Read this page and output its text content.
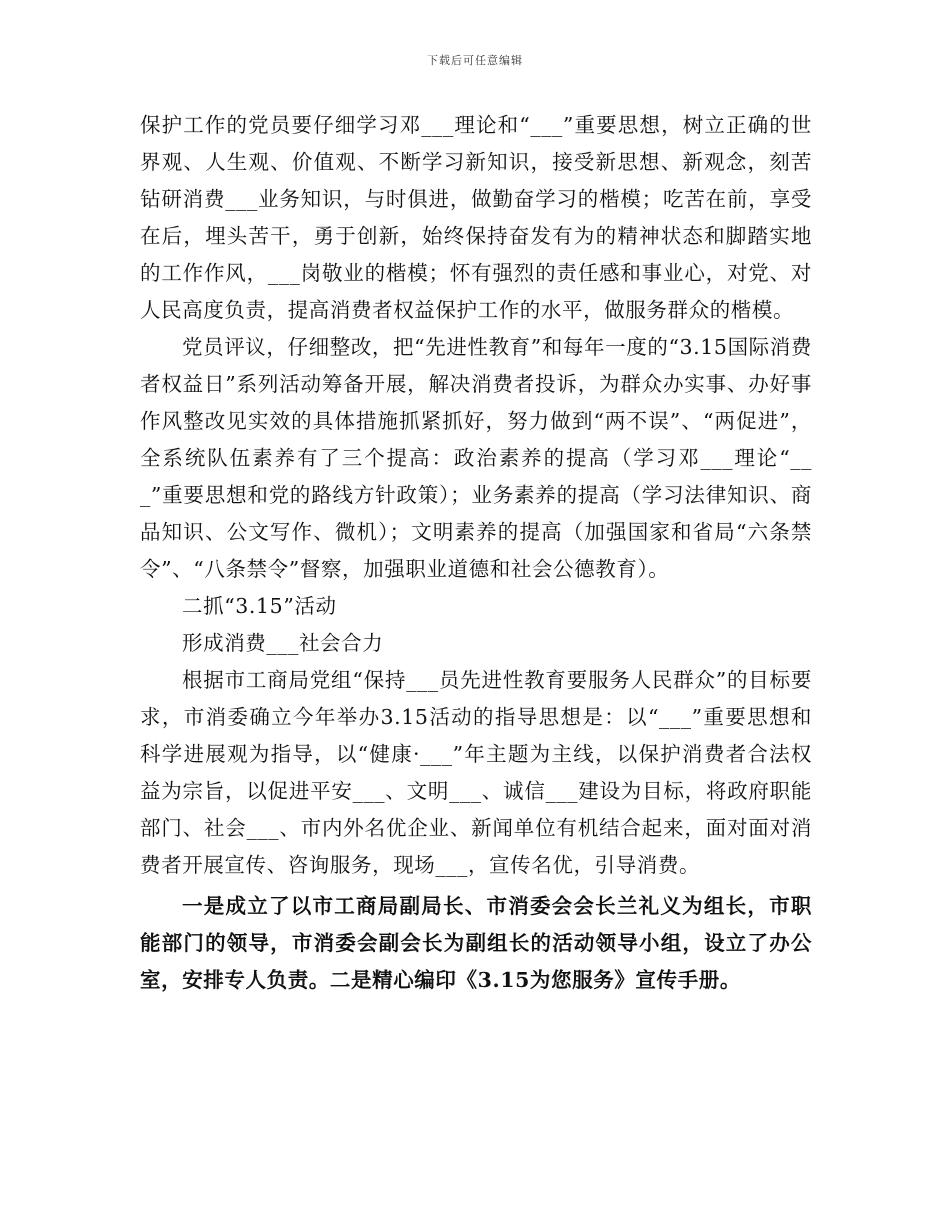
下载后可任意编辑

保护工作的党员要仔细学习邓___理论和“___”重要思想，树立正确的世界观、人生观、价值观、不断学习新知识，接受新思想、新观念，刻苦钻研消费___业务知识，与时俱进，做勤奋学习的楷模；吃苦在前，享受在后，埋头苦干，勇于创新，始终保持奋发有为的精神状态和脚踏实地的工作作风，___岗敬业的楷模；怀有强烈的责任感和事业心，对党、对人民高度负责，提高消费者权益保护工作的水平，做服务群众的楷模。

党员评议，仔细整改，把“先进性教育”和每年一度的“3.15国际消费者权益日”系列活动筹备开展，解决消费者投诉，为群众办实事、办好事作风整改见实效的具体措施抓紧抓好，努力做到“两不误”、“两促进”，全系统队伍素养有了三个提高：政治素养的提高（学习邓___理论“___”重要思想和党的路线方针政策）；业务素养的提高（学习法律知识、商品知识、公文写作、微机）；文明素养的提高（加强国家和省局“六条禁令”、“八条禁令”督察，加强职业道德和社会公德教育）。

二抓“3.15”活动

形成消费___社会合力

根据市工商局党组“保持___员先进性教育要服务人民群众”的目标要求，市消委确立今年举办3.15活动的指导思想是：以“___”重要思想和科学进展观为指导，以“健康·___”年主题为主线，以保护消费者合法权益为宗旨，以促进平安___、文明___、诚信___建设为目标，将政府职能部门、社会___、市内外名优企业、新闻单位有机结合起来，面对面对消费者开展宣传、咨询服务，现场___，宣传名优，引导消费。

一是成立了以市工商局副局长、市消委会会长兰礼义为组长，市职能部门的领导，市消委会副会长为副组长的活动领导小组，设立了办公室，安排专人负责。二是精心编印《3.15为您服务》宣传手册。
